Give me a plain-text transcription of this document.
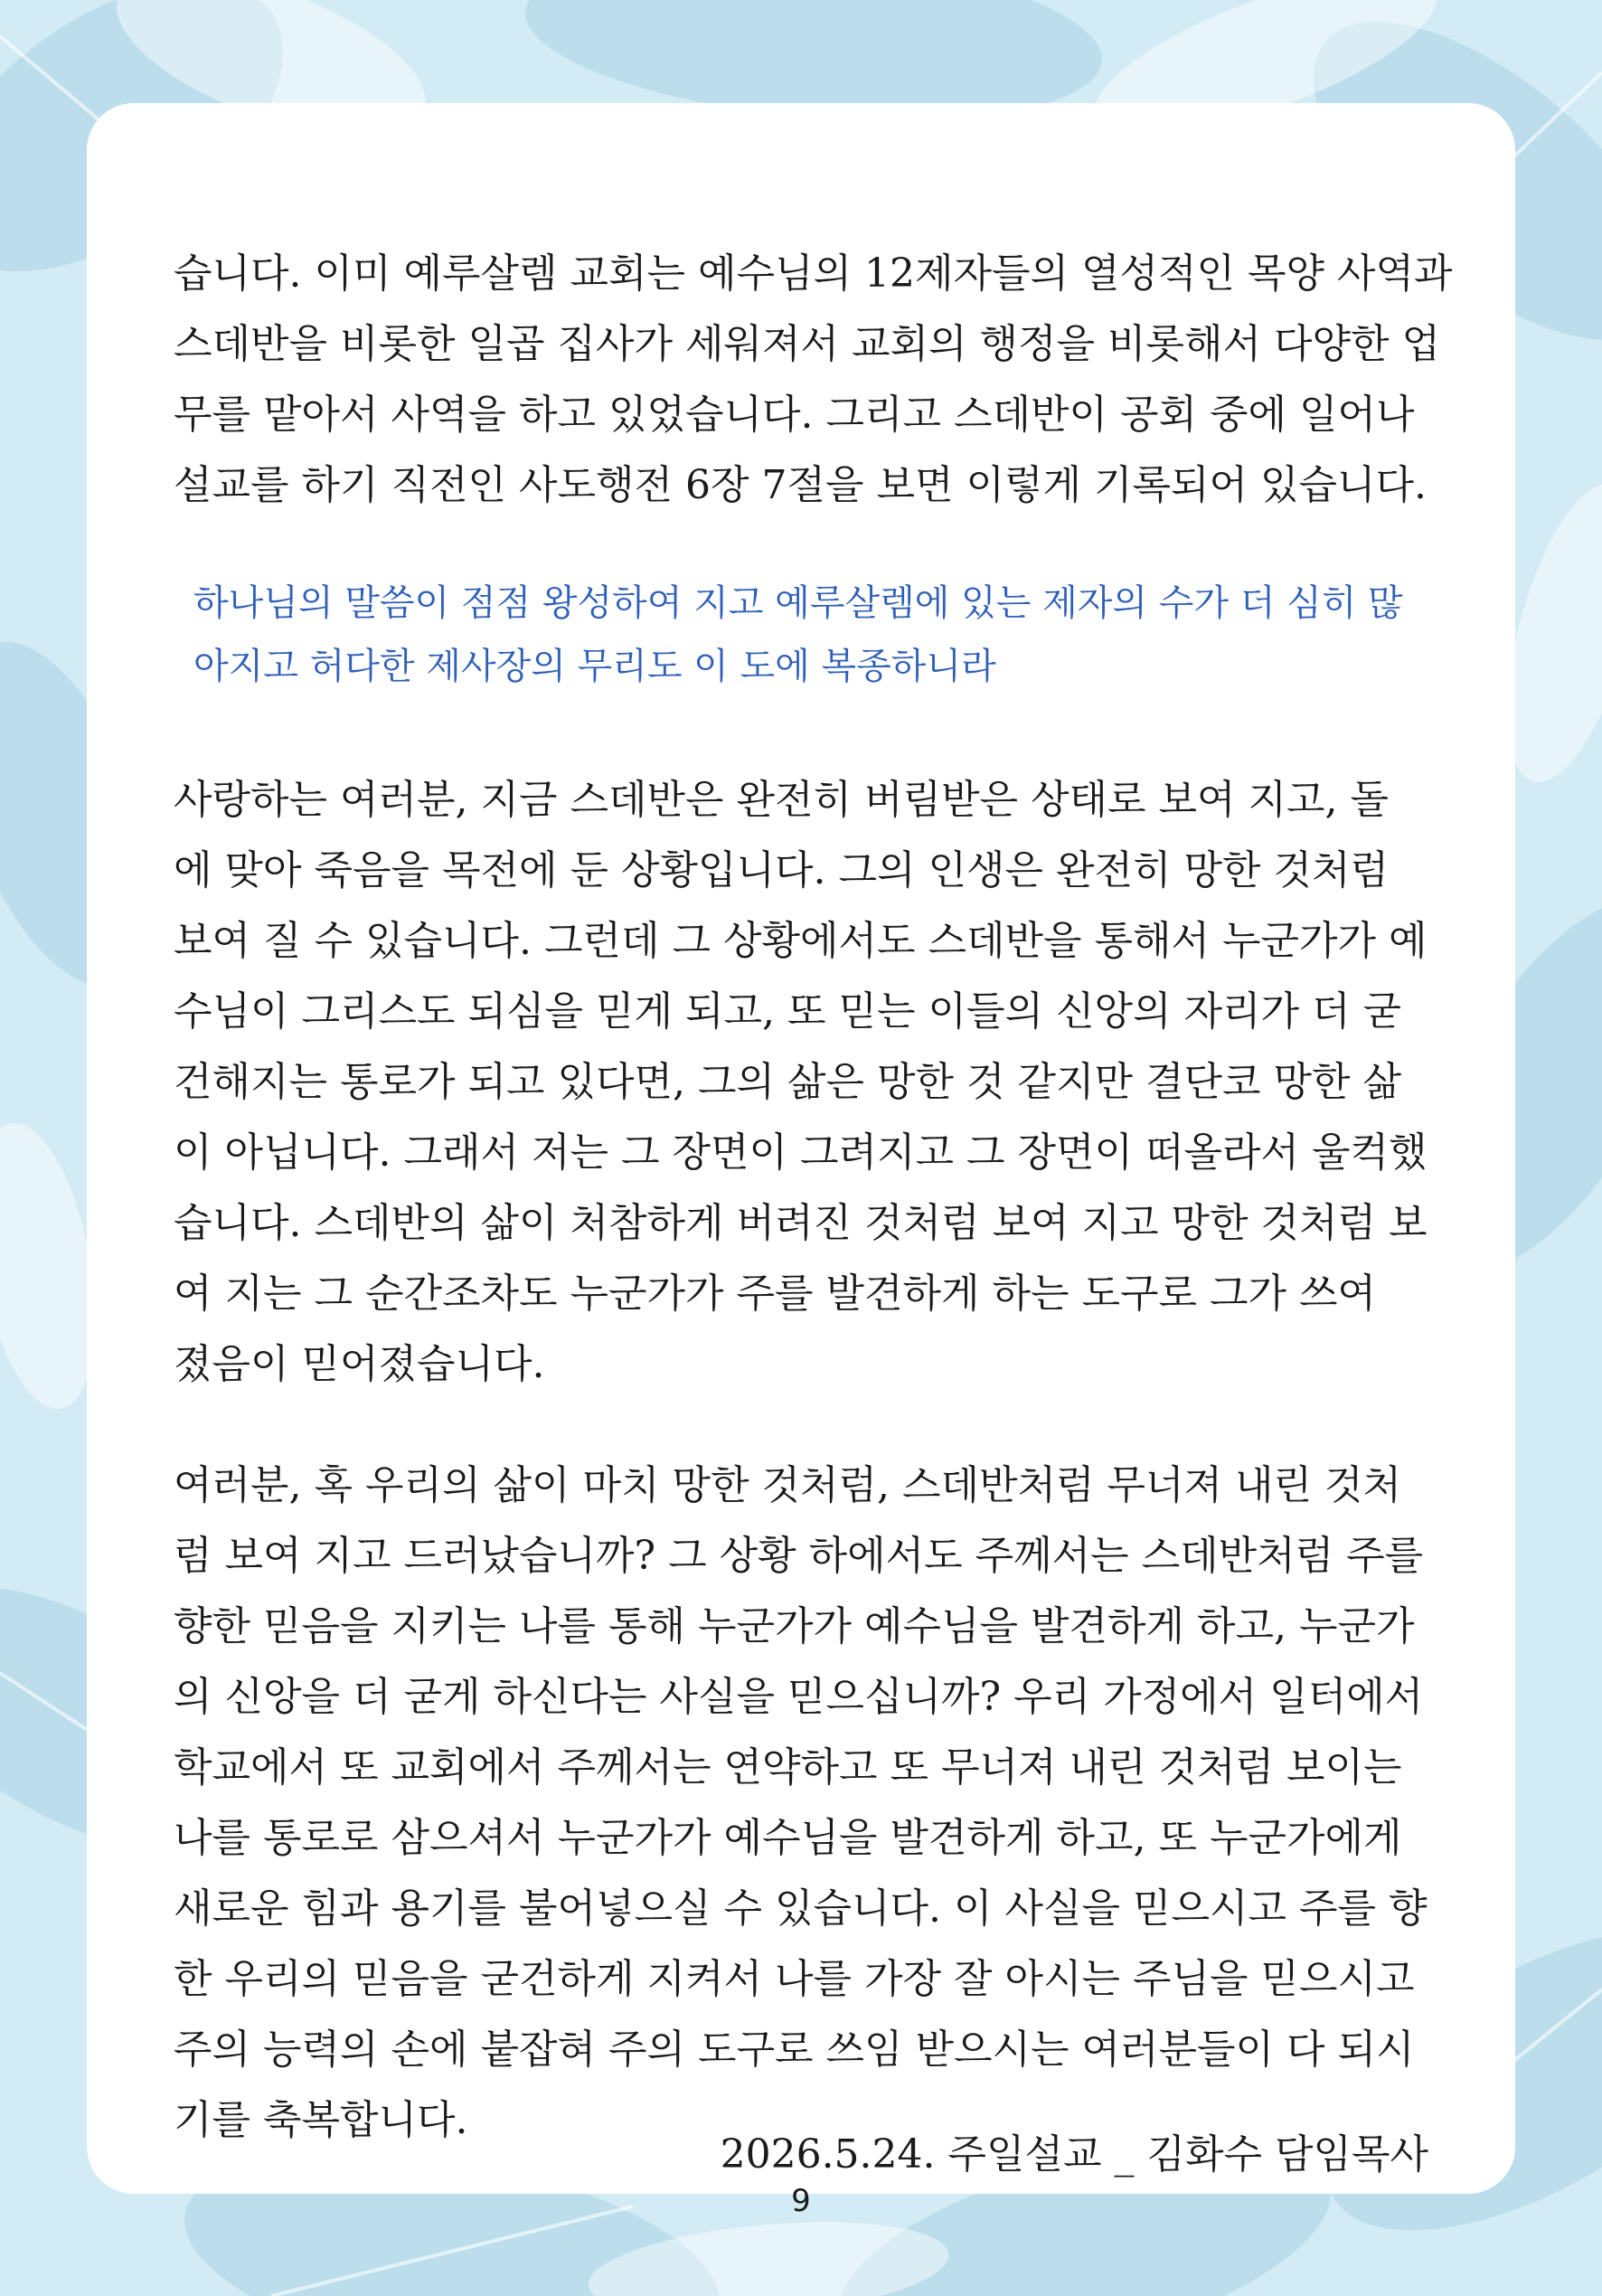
습니다. 이미 예루살렘 교회는 예수님의 12제자들의 열성적인 목양 사역과
스데반을 비롯한 일곱 집사가 세워져서 교회의 행정을 비롯해서 다양한 업
무를 맡아서 사역을 하고 있었습니다. 그리고 스데반이 공회 중에 일어나
설교를 하기 직전인 사도행전 6장 7절을 보면 이렇게 기록되어 있습니다.

하나님의 말씀이 점점 왕성하여 지고 예루살렘에 있는 제자의 수가 더 심히 많
아지고 허다한 제사장의 무리도 이 도에 복종하니라

사랑하는 여러분, 지금 스데반은 완전히 버림받은 상태로 보여 지고, 돌
에 맞아 죽음을 목전에 둔 상황입니다. 그의 인생은 완전히 망한 것처럼
보여 질 수 있습니다. 그런데 그 상황에서도 스데반을 통해서 누군가가 예
수님이 그리스도 되심을 믿게 되고, 또 믿는 이들의 신앙의 자리가 더 굳
건해지는 통로가 되고 있다면, 그의 삶은 망한 것 같지만 결단코 망한 삶
이 아닙니다. 그래서 저는 그 장면이 그려지고 그 장면이 떠올라서 울컥했
습니다. 스데반의 삶이 처참하게 버려진 것처럼 보여 지고 망한 것처럼 보
여 지는 그 순간조차도 누군가가 주를 발견하게 하는 도구로 그가 쓰여
졌음이 믿어졌습니다.

여러분, 혹 우리의 삶이 마치 망한 것처럼, 스데반처럼 무너져 내린 것처
럼 보여 지고 드러났습니까? 그 상황 하에서도 주께서는 스데반처럼 주를
향한 믿음을 지키는 나를 통해 누군가가 예수님을 발견하게 하고, 누군가
의 신앙을 더 굳게 하신다는 사실을 믿으십니까? 우리 가정에서 일터에서
학교에서 또 교회에서 주께서는 연약하고 또 무너져 내린 것처럼 보이는
나를 통로로 삼으셔서 누군가가 예수님을 발견하게 하고, 또 누군가에게
새로운 힘과 용기를 불어넣으실 수 있습니다. 이 사실을 믿으시고 주를 향
한 우리의 믿음을 굳건하게 지켜서 나를 가장 잘 아시는 주님을 믿으시고
주의 능력의 손에 붙잡혀 주의 도구로 쓰임 받으시는 여러분들이 다 되시
기를 축복합니다.

2026.5.24. 주일설교 _ 김화수 담임목사

9
